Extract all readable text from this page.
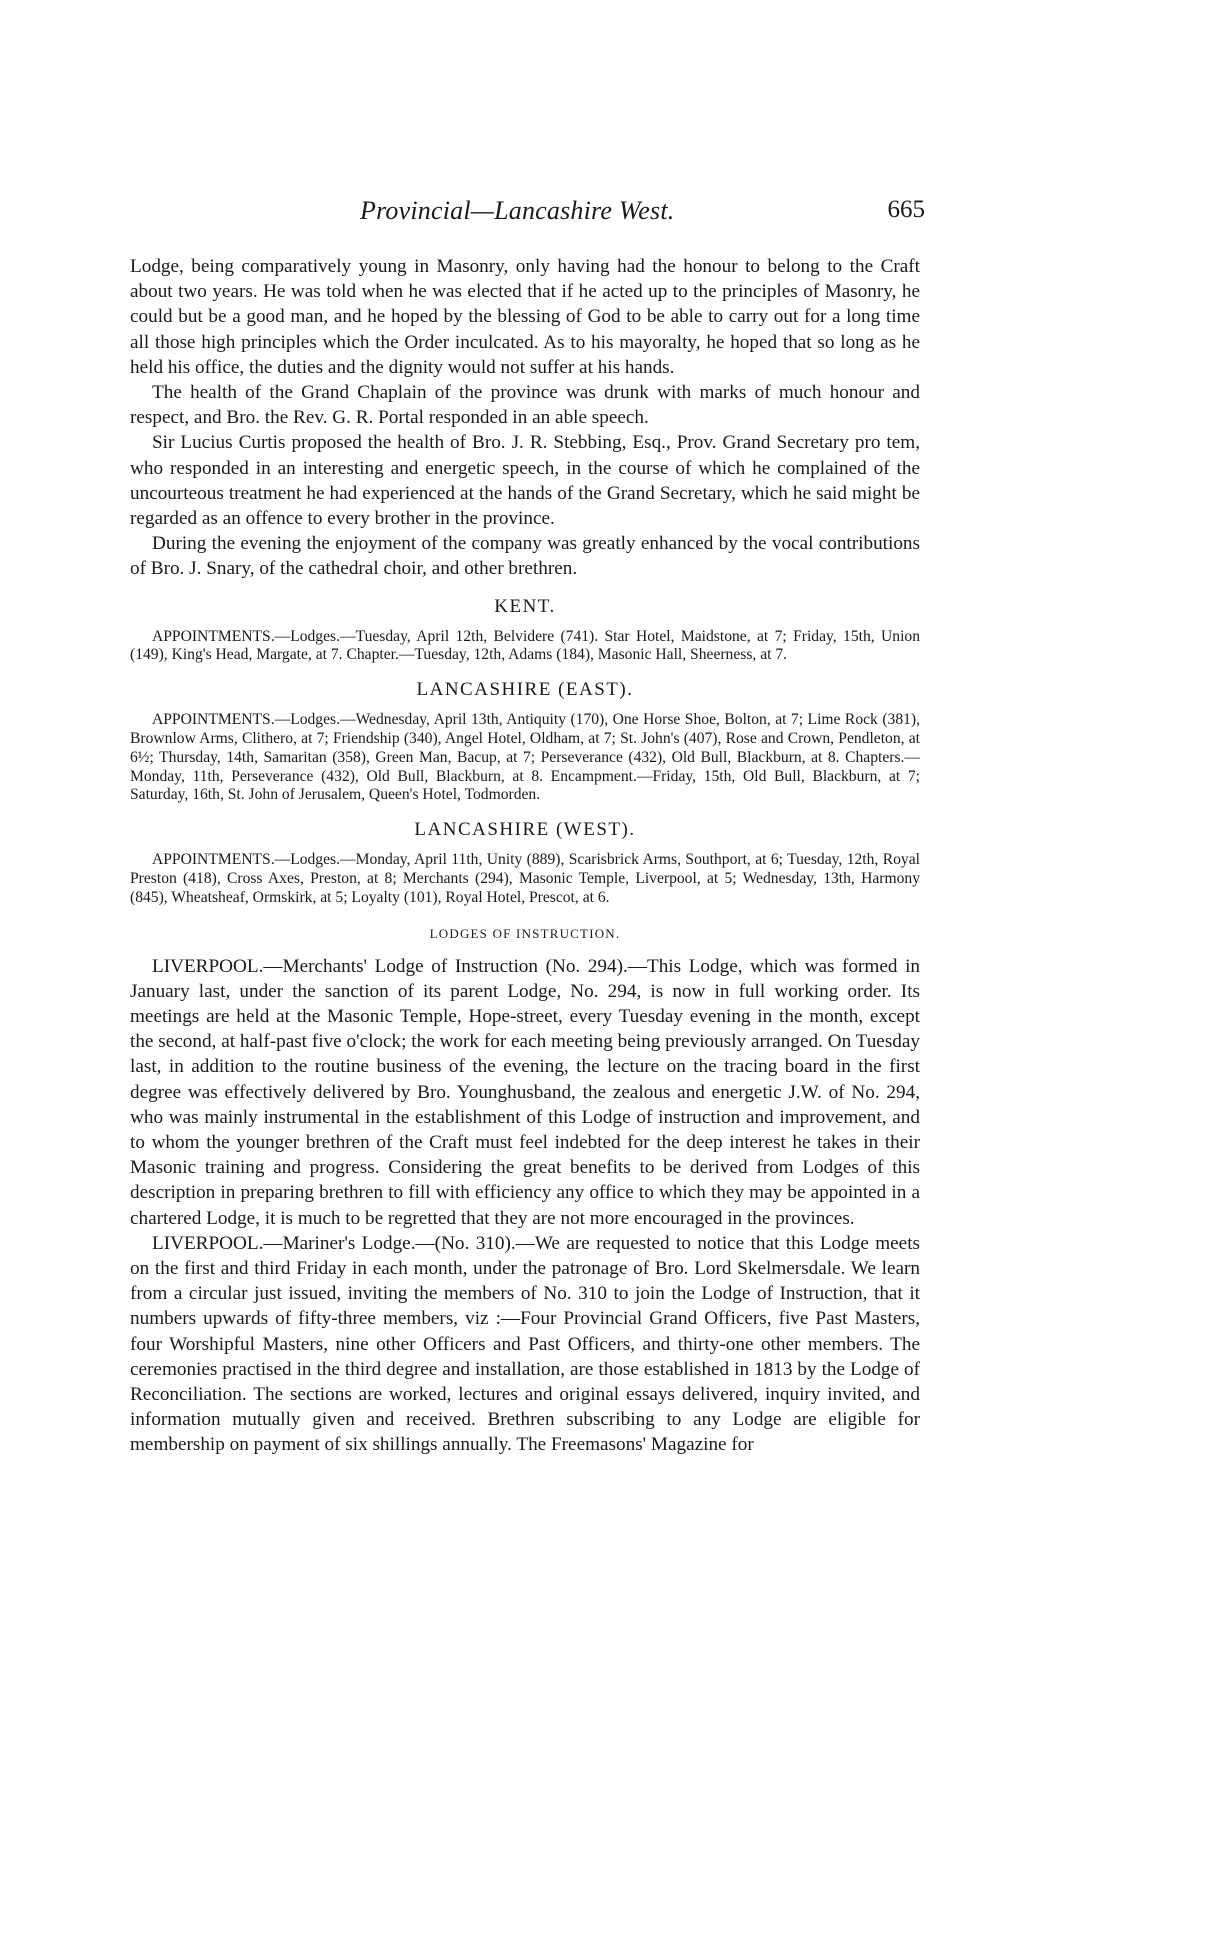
Provincial—Lancashire West.	665

Lodge, being comparatively young in Masonry, only having had the honour to belong to the Craft about two years. He was told when he was elected that if he acted up to the principles of Masonry, he could but be a good man, and he hoped by the blessing of God to be able to carry out for a long time all those high principles which the Order inculcated. As to his mayoralty, he hoped that so long as he held his office, the duties and the dignity would not suffer at his hands.

The health of the Grand Chaplain of the province was drunk with marks of much honour and respect, and Bro. the Rev. G. R. Portal responded in an able speech.

Sir Lucius Curtis proposed the health of Bro. J. R. Stebbing, Esq., Prov. Grand Secretary pro tem, who responded in an interesting and energetic speech, in the course of which he complained of the uncourteous treatment he had experienced at the hands of the Grand Secretary, which he said might be regarded as an offence to every brother in the province.

During the evening the enjoyment of the company was greatly enhanced by the vocal contributions of Bro. J. Snary, of the cathedral choir, and other brethren.

KENT.

APPOINTMENTS.—Lodges.—Tuesday, April 12th, Belvidere (741). Star Hotel, Maidstone, at 7; Friday, 15th, Union (149), King's Head, Margate, at 7. Chapter.—Tuesday, 12th, Adams (184), Masonic Hall, Sheerness, at 7.

LANCASHIRE (EAST).

APPOINTMENTS.—Lodges.—Wednesday, April 13th, Antiquity (170), One Horse Shoe, Bolton, at 7; Lime Rock (381), Brownlow Arms, Clithero, at 7; Friendship (340), Angel Hotel, Oldham, at 7; St. John's (407), Rose and Crown, Pendleton, at 6½; Thursday, 14th, Samaritan (358), Green Man, Bacup, at 7; Perseverance (432), Old Bull, Blackburn, at 8. Chapters.—Monday, 11th, Perseverance (432), Old Bull, Blackburn, at 8. Encampment.—Friday, 15th, Old Bull, Blackburn, at 7; Saturday, 16th, St. John of Jerusalem, Queen's Hotel, Todmorden.

LANCASHIRE (WEST).

APPOINTMENTS.—Lodges.—Monday, April 11th, Unity (889), Scarisbrick Arms, Southport, at 6; Tuesday, 12th, Royal Preston (418), Cross Axes, Preston, at 8; Merchants (294), Masonic Temple, Liverpool, at 5; Wednesday, 13th, Harmony (845), Wheatsheaf, Ormskirk, at 5; Loyalty (101), Royal Hotel, Prescot, at 6.

LODGES OF INSTRUCTION.

LIVERPOOL.—Merchants' Lodge of Instruction (No. 294).—This Lodge, which was formed in January last, under the sanction of its parent Lodge, No. 294, is now in full working order. Its meetings are held at the Masonic Temple, Hope-street, every Tuesday evening in the month, except the second, at half-past five o'clock; the work for each meeting being previously arranged. On Tuesday last, in addition to the routine business of the evening, the lecture on the tracing board in the first degree was effectively delivered by Bro. Younghusband, the zealous and energetic J.W. of No. 294, who was mainly instrumental in the establishment of this Lodge of instruction and improvement, and to whom the younger brethren of the Craft must feel indebted for the deep interest he takes in their Masonic training and progress. Considering the great benefits to be derived from Lodges of this description in preparing brethren to fill with efficiency any office to which they may be appointed in a chartered Lodge, it is much to be regretted that they are not more encouraged in the provinces.

LIVERPOOL.—Mariner's Lodge.—(No. 310).—We are requested to notice that this Lodge meets on the first and third Friday in each month, under the patronage of Bro. Lord Skelmersdale. We learn from a circular just issued, inviting the members of No. 310 to join the Lodge of Instruction, that it numbers upwards of fifty-three members, viz :—Four Provincial Grand Officers, five Past Masters, four Worshipful Masters, nine other Officers and Past Officers, and thirty-one other members. The ceremonies practised in the third degree and installation, are those established in 1813 by the Lodge of Reconciliation. The sections are worked, lectures and original essays delivered, inquiry invited, and information mutually given and received. Brethren subscribing to any Lodge are eligible for membership on payment of six shillings annually. The Freemasons' Magazine for
